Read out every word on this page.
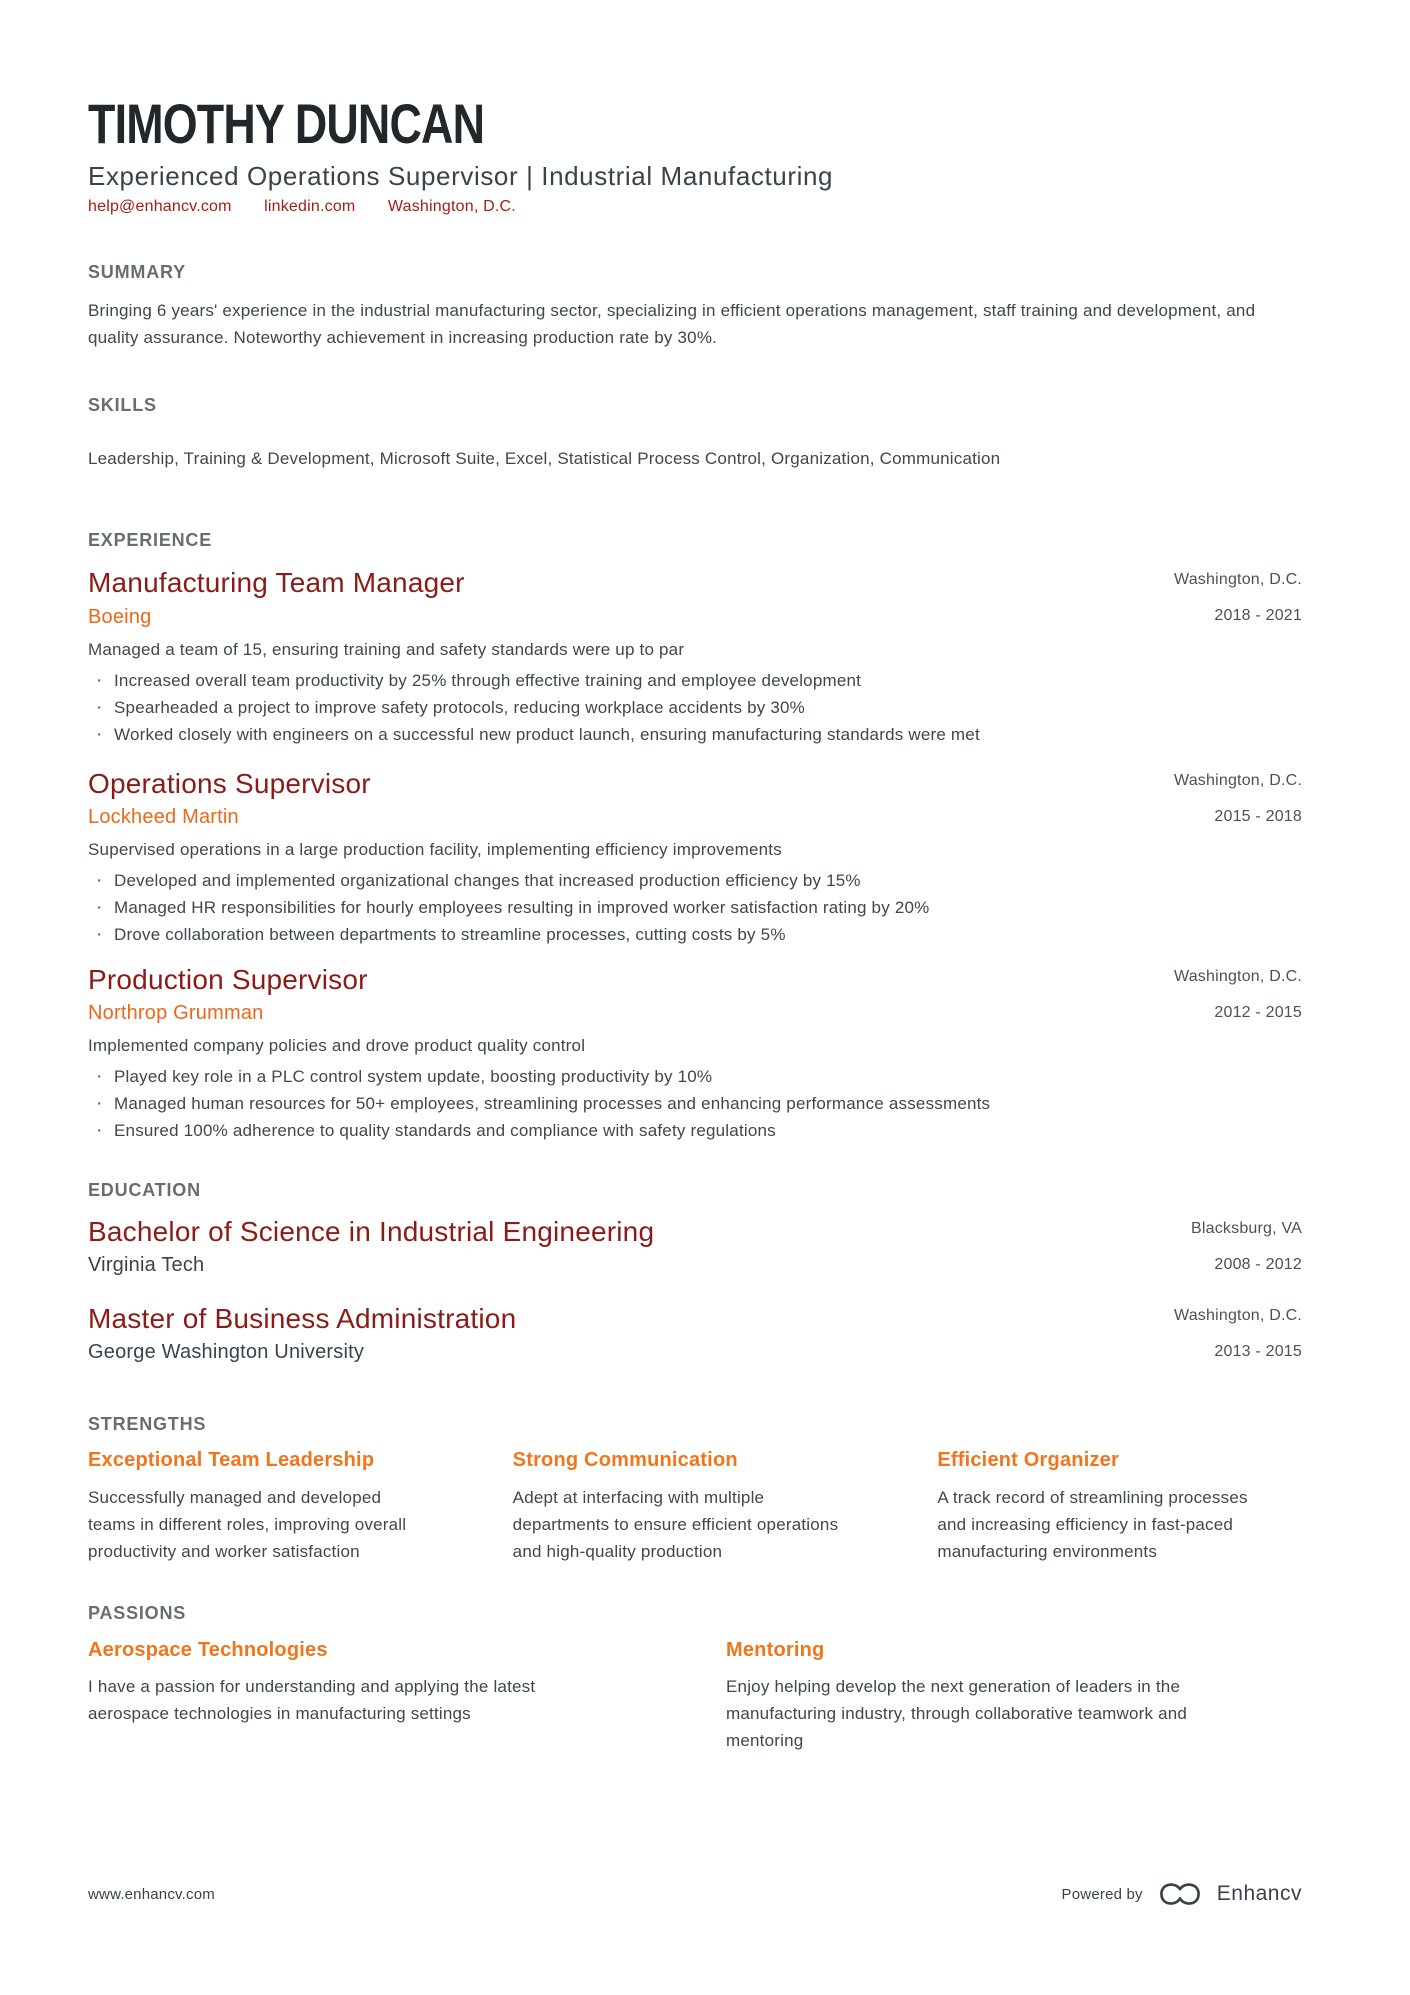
TIMOTHY DUNCAN
Experienced Operations Supervisor | Industrial Manufacturing
help@enhancv.com linkedin.com Washington, D.C.
SUMMARY

Bringing 6 years' experience in the industrial manufacturing sector, specializing in efficient operations management, staff training and development, and quality assurance. Noteworthy achievement in increasing production rate by 30%.

SKILLS

Leadership, Training & Development, Microsoft Suite, Excel, Statistical Process Control, Organization, Communication

EXPERIENCE
Washington, D.C.
2018 - 2021
Manufacturing Team Manager
Boeing

Managed a team of 15, ensuring training and safety standards were up to par

· Increased overall team productivity by 25% through effective training and employee development
· Spearheaded a project to improve safety protocols, reducing workplace accidents by 30%
· Worked closely with engineers on a successful new product launch, ensuring manufacturing standards were met
Washington, D.C.
2015 - 2018
Operations Supervisor
Lockheed Martin

Supervised operations in a large production facility, implementing efficiency improvements

· Developed and implemented organizational changes that increased production efficiency by 15%
· Managed HR responsibilities for hourly employees resulting in improved worker satisfaction rating by 20%
· Drove collaboration between departments to streamline processes, cutting costs by 5%
Washington, D.C.
2012 - 2015
Production Supervisor
Northrop Grumman

Implemented company policies and drove product quality control

· Played key role in a PLC control system update, boosting productivity by 10%
· Managed human resources for 50+ employees, streamlining processes and enhancing performance assessments
· Ensured 100% adherence to quality standards and compliance with safety regulations
EDUCATION
Blacksburg, VA
2008 - 2012
Bachelor of Science in Industrial Engineering
Virginia Tech
Washington, D.C.
2013 - 2015
Master of Business Administration
George Washington University
STRENGTHS
Exceptional Team Leadership

Successfully managed and developed teams in different roles, improving overall productivity and worker satisfaction

Strong Communication

Adept at interfacing with multiple departments to ensure efficient operations and high-quality production

Efficient Organizer

A track record of streamlining processes and increasing efficiency in fast-paced manufacturing environments

PASSIONS
Aerospace Technologies

I have a passion for understanding and applying the latest aerospace technologies in manufacturing settings

Mentoring

Enjoy helping develop the next generation of leaders in the manufacturing industry, through collaborative teamwork and mentoring

www.enhancv.com	Powered by	Enhancv
